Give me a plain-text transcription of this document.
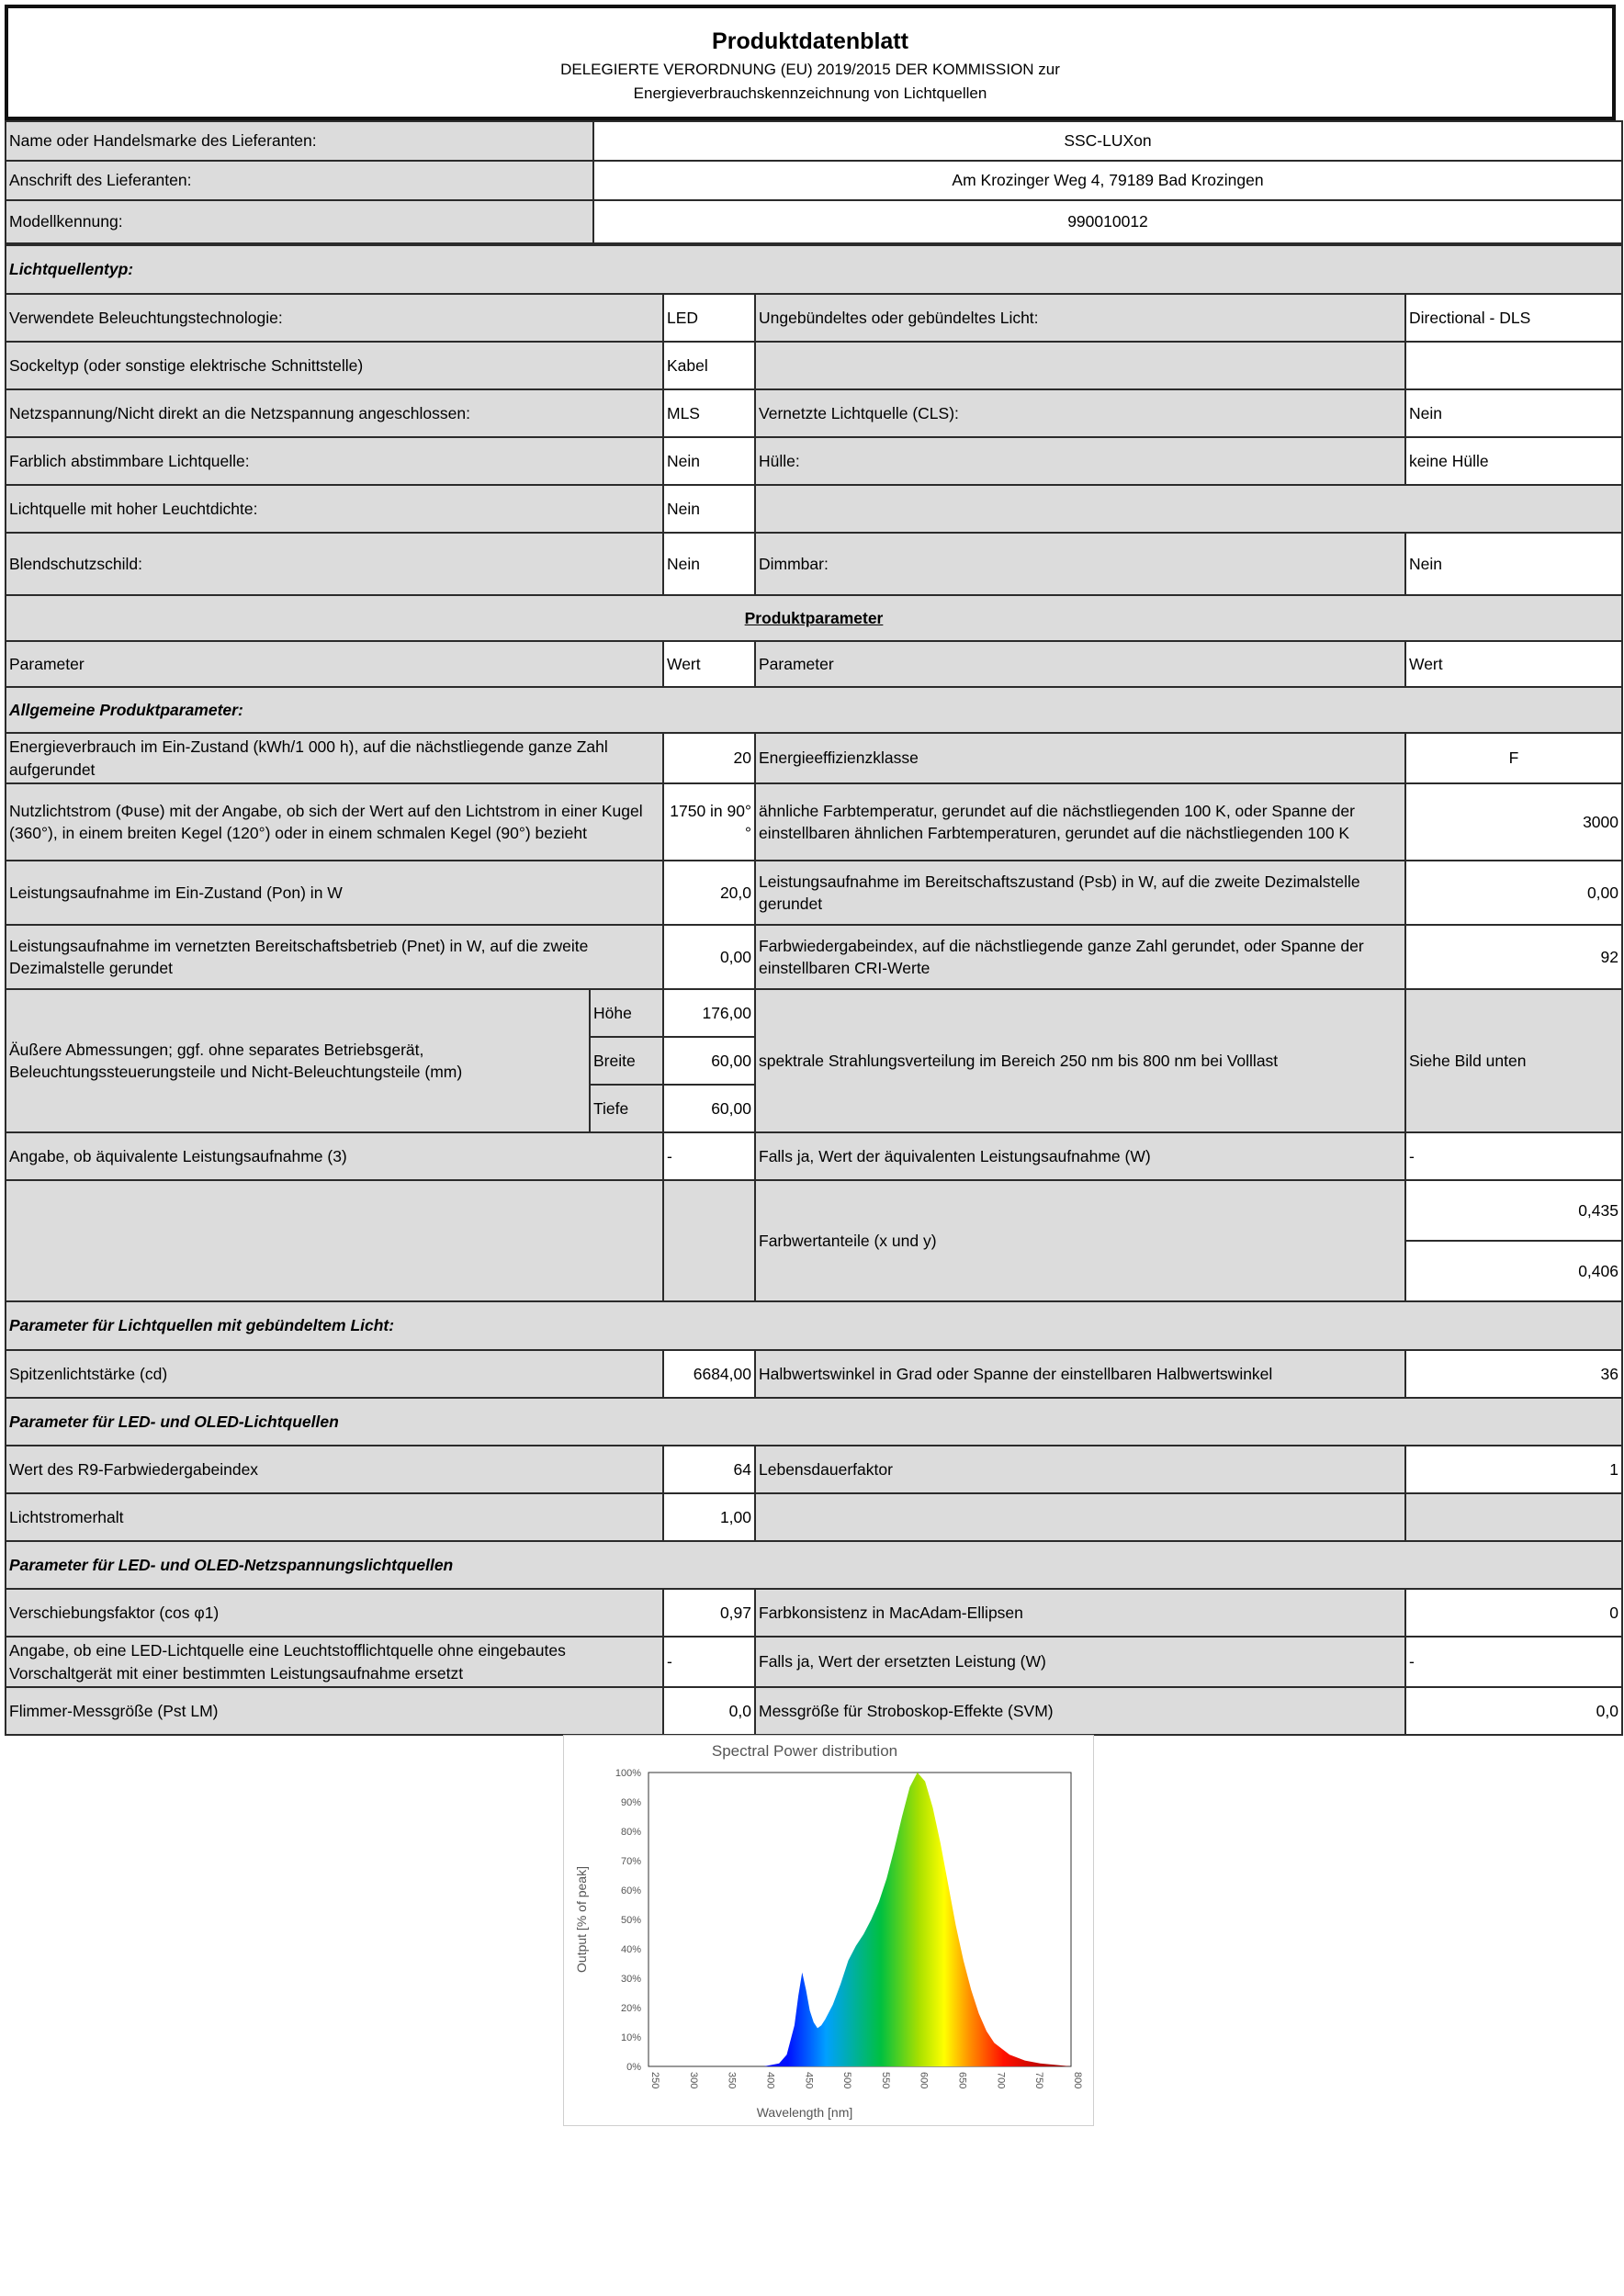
Produktdatenblatt
DELEGIERTE VERORDNUNG (EU) 2019/2015 DER KOMMISSION zur
Energieverbrauchskennzeichnung von Lichtquellen
Name oder Handelsmarke des Lieferanten:	SSC-LUXon
Anschrift des Lieferanten:	Am Krozinger Weg 4, 79189 Bad Krozingen
Modellkennung:	990010012
Lichtquellentyp:			
Verwendete Beleuchtungstechnologie:	LED	Ungebündeltes oder gebündeltes Licht:	Directional - DLS
Sockeltyp (oder sonstige elektrische Schnittstelle)	Kabel		
Netzspannung/Nicht direkt an die Netzspannung angeschlossen:	MLS	Vernetzte Lichtquelle (CLS):	Nein
Farblich abstimmbare Lichtquelle:	Nein	Hülle:	keine Hülle
Lichtquelle mit hoher Leuchtdichte:	Nein		
Blendschutzschild:	Nein	Dimmbar:	Nein
Produktparameter				
Parameter		Wert	Parameter	Wert
Allgemeine Produktparameter:				
Energieverbrauch im Ein-Zustand (kWh/1 000 h), auf die nächstliegende ganze Zahl aufgerundet		20	Energieeffizienzklasse	F
Nutzlichtstrom (Φuse) mit der Angabe, ob sich der Wert auf den Lichtstrom in einer Kugel (360°), in einem breiten Kegel (120°) oder in einem schmalen Kegel (90°) bezieht		1750 in 90°°	ähnliche Farbtemperatur, gerundet auf die nächstliegenden 100 K, oder Spanne der einstellbaren ähnlichen Farbtemperaturen, gerundet auf die nächstliegenden 100 K	3000
Leistungsaufnahme im Ein-Zustand (Pon) in W		20,0	Leistungsaufnahme im Bereitschaftszustand (Psb) in W, auf die zweite Dezimalstelle gerundet	0,00
Leistungsaufnahme im vernetzten Bereitschaftsbetrieb (Pnet) in W, auf die zweite Dezimalstelle gerundet		0,00	Farbwiedergabeindex, auf die nächstliegende ganze Zahl gerundet, oder Spanne der einstellbaren CRI-Werte	92
Äußere Abmessungen; ggf. ohne separates Betriebsgerät, Beleuchtungssteuerungsteile und Nicht-Beleuchtungsteile (mm)	Höhe	176,00	spektrale Strahlungsverteilung im Bereich 250 nm bis 800 nm bei Volllast	Siehe Bild unten
	Breite	60,00		
	Tiefe	60,00		
Angabe, ob äquivalente Leistungsaufnahme (3)		-	Falls ja, Wert der äquivalenten Leistungsaufnahme (W)	-
			Farbwertanteile (x und y)	0,435
				0,406
Parameter für Lichtquellen mit gebündeltem Licht:				
Spitzenlichtstärke (cd)		6684,00	Halbwertswinkel in Grad oder Spanne der einstellbaren Halbwertswinkel	36
Parameter für LED- und OLED-Lichtquellen				
Wert des R9-Farbwiedergabeindex		64	Lebensdauerfaktor	1
Lichtstromerhalt		1,00		
Parameter für LED- und OLED-Netzspannungslichtquellen				
Verschiebungsfaktor (cos φ1)		0,97	Farbkonsistenz in MacAdam-Ellipsen	0
Angabe, ob eine LED-Lichtquelle eine Leuchtstofflichtquelle ohne eingebautes Vorschaltgerät mit einer bestimmten Leistungsaufnahme ersetzt		-	Falls ja, Wert der ersetzten Leistung (W)	-
Flimmer-Messgröße (Pst LM)		0,0	Messgröße für Stroboskop-Effekte (SVM)	0,0
Spectral Power distribution
0%
10%
20%
30%
40%
50%
60%
70%
80%
90%
100%
250	300	350	400	450	500	550	600	650	700	750	800
Wavelength [nm]
Output [% of peak]
